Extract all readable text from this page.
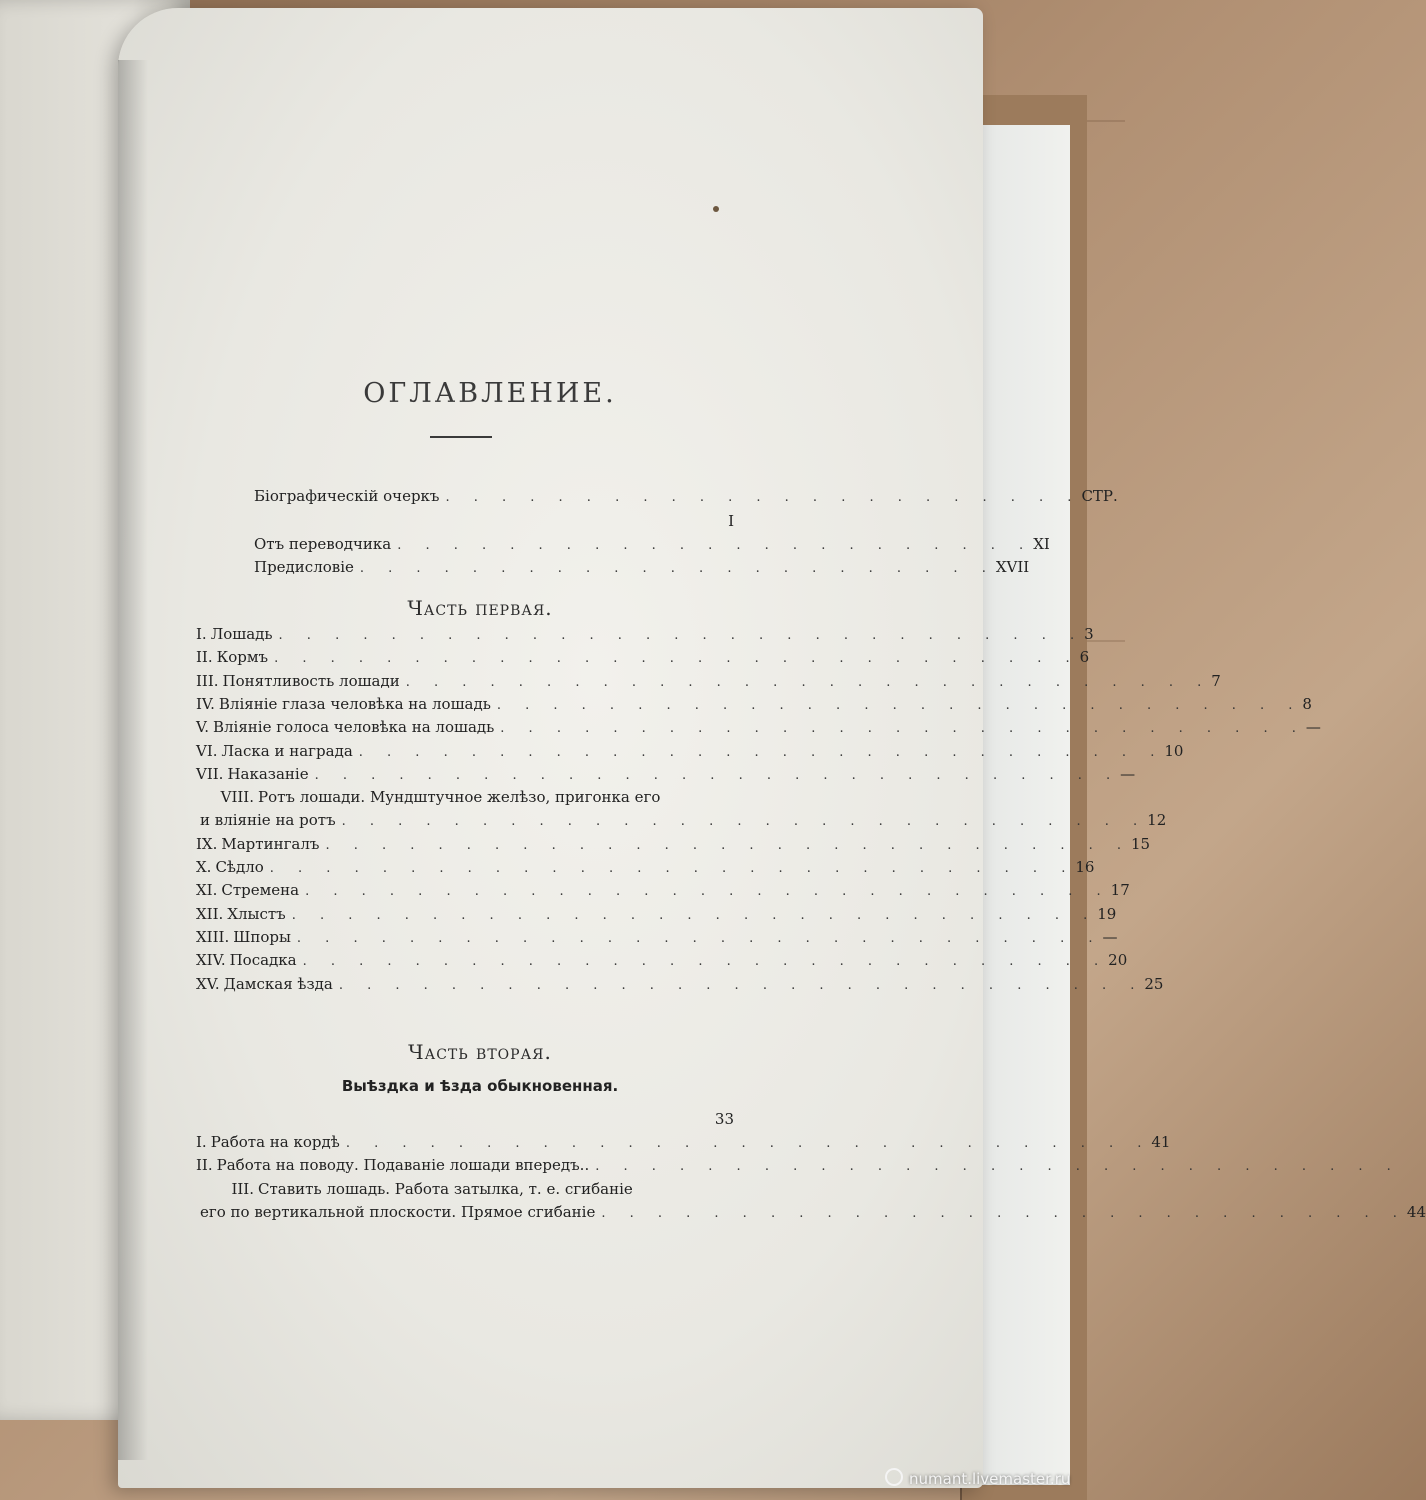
ОГЛАВЛЕНИЕ.
Біографическій очеркъ . . . . . . . . . . . . . . . . . . . . . . . СТР.
I
Отъ переводчика . . . . . . . . . . . . . . . . . . . . . . . XI
Предисловіе . . . . . . . . . . . . . . . . . . . . . . . XVII
Часть первая.
I. Лошадь . . . . . . . . . . . . . . . . . . . . . . . . . . . . . 3
II. Кормъ . . . . . . . . . . . . . . . . . . . . . . . . . . . . . 6
III. Понятливость лошади . . . . . . . . . . . . . . . . . . . . . . . . . . . . . 7
IV. Вліяніе глаза человѣка на лошадь . . . . . . . . . . . . . . . . . . . . . . . . . . . . . 8
V. Вліяніе голоса человѣка на лошадь . . . . . . . . . . . . . . . . . . . . . . . . . . . . . —
VI. Ласка и награда . . . . . . . . . . . . . . . . . . . . . . . . . . . . . 10
VII. Наказаніе . . . . . . . . . . . . . . . . . . . . . . . . . . . . . —
VIII. Ротъ лошади. Мундштучное желѣзо, пригонка его
и вліяніе на ротъ . . . . . . . . . . . . . . . . . . . . . . . . . . . . . 12
IX. Мартингалъ . . . . . . . . . . . . . . . . . . . . . . . . . . . . . 15
X. Сѣдло . . . . . . . . . . . . . . . . . . . . . . . . . . . . . 16
XI. Стремена . . . . . . . . . . . . . . . . . . . . . . . . . . . . . 17
XII. Хлыстъ . . . . . . . . . . . . . . . . . . . . . . . . . . . . . 19
XIII. Шпоры . . . . . . . . . . . . . . . . . . . . . . . . . . . . . —
XIV. Посадка . . . . . . . . . . . . . . . . . . . . . . . . . . . . . 20
XV. Дамская ѣзда . . . . . . . . . . . . . . . . . . . . . . . . . . . . . 25
Часть вторая.
Выѣздка и ѣзда обыкновенная.
33
I. Работа на кордѣ . . . . . . . . . . . . . . . . . . . . . . . . . . . . . 41
II. Работа на поводу. Подаваніе лошади впередъ.. . . . . . . . . . . . . . . . . . . . . . . . . . . . . .
III. Ставить лошадь. Работа затылка, т. е. сгибаніе
его по вертикальной плоскости. Прямое сгибаніе . . . . . . . . . . . . . . . . . . . . . . . . . . . . . 44
numant.livemaster.ru
